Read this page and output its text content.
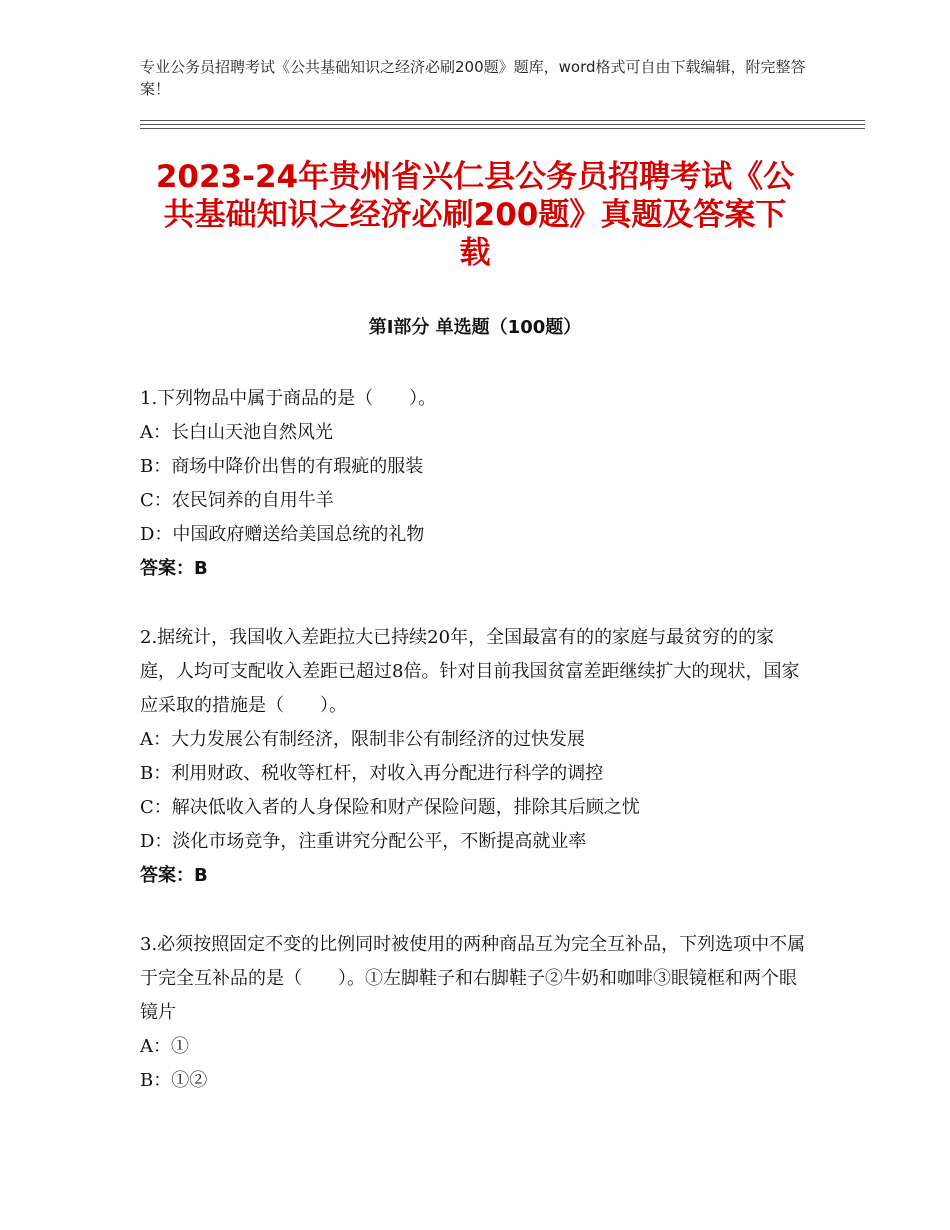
专业公务员招聘考试《公共基础知识之经济必刷200题》题库，word格式可自由下载编辑，附完整答案！
2023-24年贵州省兴仁县公务员招聘考试《公共基础知识之经济必刷200题》真题及答案下载
第I部分 单选题（100题）
1.下列物品中属于商品的是（　　）。
A：长白山天池自然风光
B：商场中降价出售的有瑕疵的服装
C：农民饲养的自用牛羊
D：中国政府赠送给美国总统的礼物
答案：B
2.据统计，我国收入差距拉大已持续20年，全国最富有的的家庭与最贫穷的的家庭，人均可支配收入差距已超过8倍。针对目前我国贫富差距继续扩大的现状，国家应采取的措施是（　　）。
A：大力发展公有制经济，限制非公有制经济的过快发展
B：利用财政、税收等杠杆，对收入再分配进行科学的调控
C：解决低收入者的人身保险和财产保险问题，排除其后顾之忧
D：淡化市场竞争，注重讲究分配公平，不断提高就业率
答案：B
3.必须按照固定不变的比例同时被使用的两种商品互为完全互补品，下列选项中不属于完全互补品的是（　　）。①左脚鞋子和右脚鞋子②牛奶和咖啡③眼镜框和两个眼镜片
A：①
B：①②
